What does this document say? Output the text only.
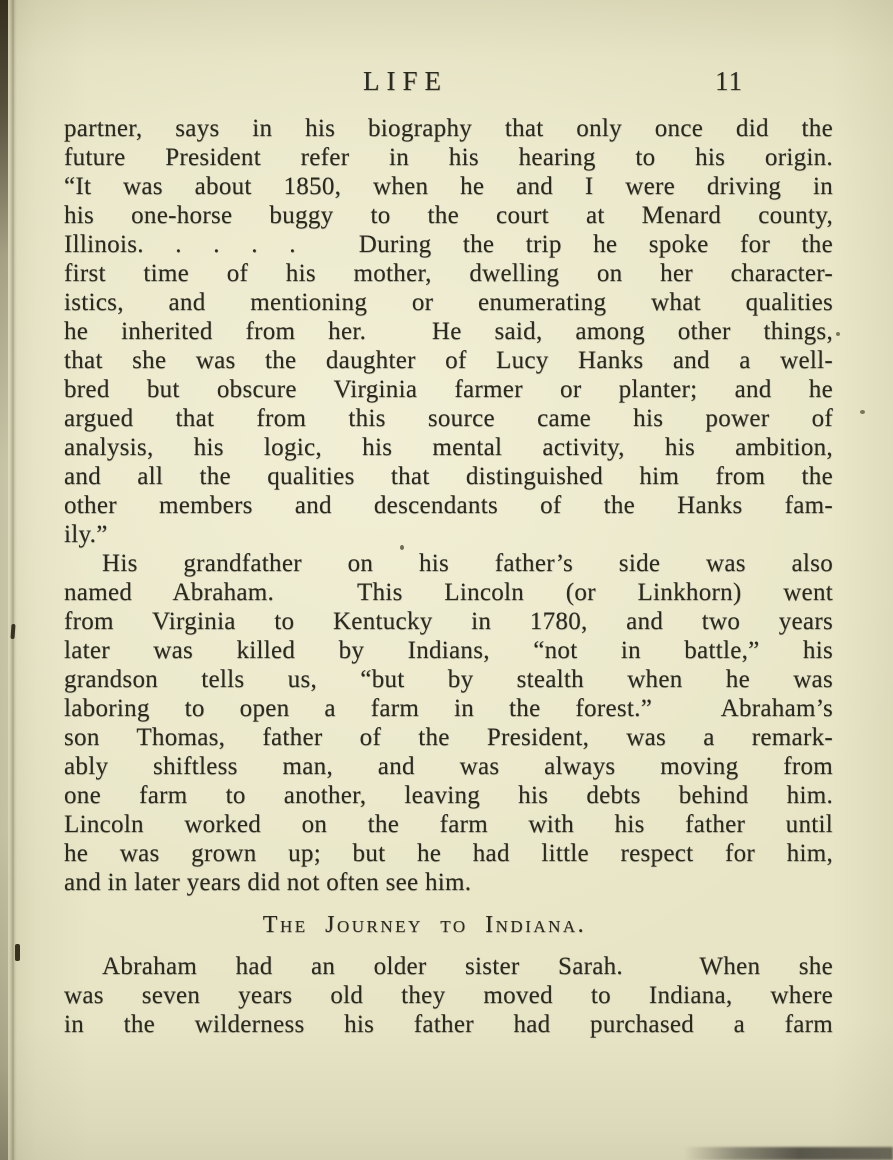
LIFE	11
partner, says in his biography that only once did the
future President refer in his hearing to his origin.
“It was about 1850, when he and I were driving in
his one-horse buggy to the court at Menard county,
Illinois. . . . .  During the trip he spoke for the
first time of his mother, dwelling on her character-
istics, and mentioning or enumerating what qualities
he inherited from her.  He said, among other things,
that she was the daughter of Lucy Hanks and a well-
bred but obscure Virginia farmer or planter; and he
argued that from this source came his power of
analysis, his logic, his mental activity, his ambition,
and all the qualities that distinguished him from the
other members and descendants of the Hanks fam-
ily.”
His grandfather on his father’s side was also
named Abraham.  This Lincoln (or Linkhorn) went
from Virginia to Kentucky in 1780, and two years
later was killed by Indians, “not in battle,” his
grandson tells us, “but by stealth when he was
laboring to open a farm in the forest.”  Abraham’s
son Thomas, father of the President, was a remark-
ably shiftless man, and was always moving from
one farm to another, leaving his debts behind him.
Lincoln worked on the farm with his father until
he was grown up; but he had little respect for him,
and in later years did not often see him.
The Journey to Indiana.
Abraham had an older sister Sarah.  When she
was seven years old they moved to Indiana, where
in the wilderness his father had purchased a farm
